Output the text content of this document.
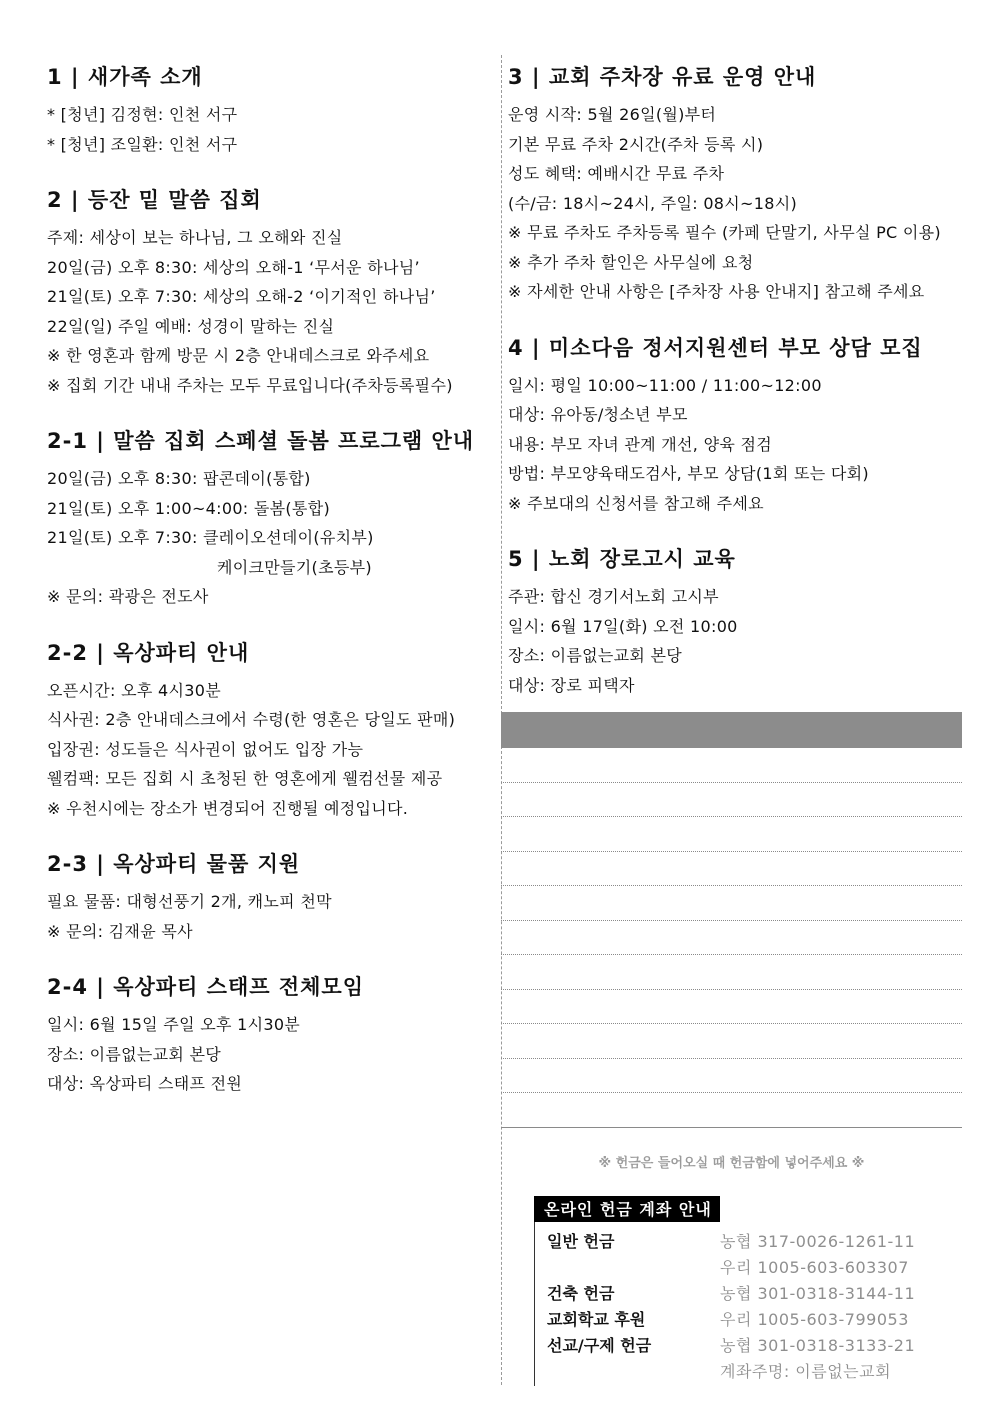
1 | 새가족 소개
* [청년] 김정현: 인천 서구
* [청년] 조일환: 인천 서구
2 | 등잔 밑 말씀 집회
주제: 세상이 보는 하나님, 그 오해와 진실
20일(금) 오후 8:30: 세상의 오해-1 ‘무서운 하나님’
21일(토) 오후 7:30: 세상의 오해-2 ‘이기적인 하나님’
22일(일) 주일 예배: 성경이 말하는 진실
※ 한 영혼과 함께 방문 시 2층 안내데스크로 와주세요
※ 집회 기간 내내 주차는 모두 무료입니다(주차등록필수)
2-1 | 말씀 집회 스페셜 돌봄 프로그램 안내
20일(금) 오후 8:30: 팝콘데이(통합)
21일(토) 오후 1:00~4:00: 돌봄(통합)
21일(토) 오후 7:30: 클레이오션데이(유치부)
케이크만들기(초등부)
※ 문의: 곽광은 전도사
2-2 | 옥상파티 안내
오픈시간: 오후 4시30분
식사권: 2층 안내데스크에서 수령(한 영혼은 당일도 판매)
입장권: 성도들은 식사권이 없어도 입장 가능
웰컴팩: 모든 집회 시 초청된 한 영혼에게 웰컴선물 제공
※ 우천시에는 장소가 변경되어 진행될 예정입니다.
2-3 | 옥상파티 물품 지원
필요 물품: 대형선풍기 2개, 캐노피 천막
※ 문의: 김재윤 목사
2-4 | 옥상파티 스태프 전체모임
일시: 6월 15일 주일 오후 1시30분
장소: 이름없는교회 본당
대상: 옥상파티 스태프 전원
3 | 교회 주차장 유료 운영 안내
운영 시작: 5월 26일(월)부터
기본 무료 주차 2시간(주차 등록 시)
성도 혜택: 예배시간 무료 주차
(수/금: 18시~24시, 주일: 08시~18시)
※ 무료 주차도 주차등록 필수 (카페 단말기, 사무실 PC 이용)
※ 추가 주차 할인은 사무실에 요청
※ 자세한 안내 사항은 [주차장 사용 안내지] 참고해 주세요
4 | 미소다음 정서지원센터 부모 상담 모집
일시: 평일 10:00~11:00 / 11:00~12:00
대상: 유아동/청소년 부모
내용: 부모 자녀 관계 개선, 양육 점검
방법: 부모양육태도검사, 부모 상담(1회 또는 다회)
※ 주보대의 신청서를 참고해 주세요
5 | 노회 장로고시 교육
주관: 합신 경기서노회 고시부
일시: 6월 17일(화) 오전 10:00
장소: 이름없는교회 본당
대상: 장로 피택자
※ 헌금은 들어오실 때 헌금함에 넣어주세요 ※
온라인 헌금 계좌 안내
일반 헌금	농협 317-0026-1261-11
우리 1005-603-603307
건축 헌금	농협 301-0318-3144-11
교회학교 후원	우리 1005-603-799053
선교/구제 헌금	농협 301-0318-3133-21
계좌주명: 이름없는교회
